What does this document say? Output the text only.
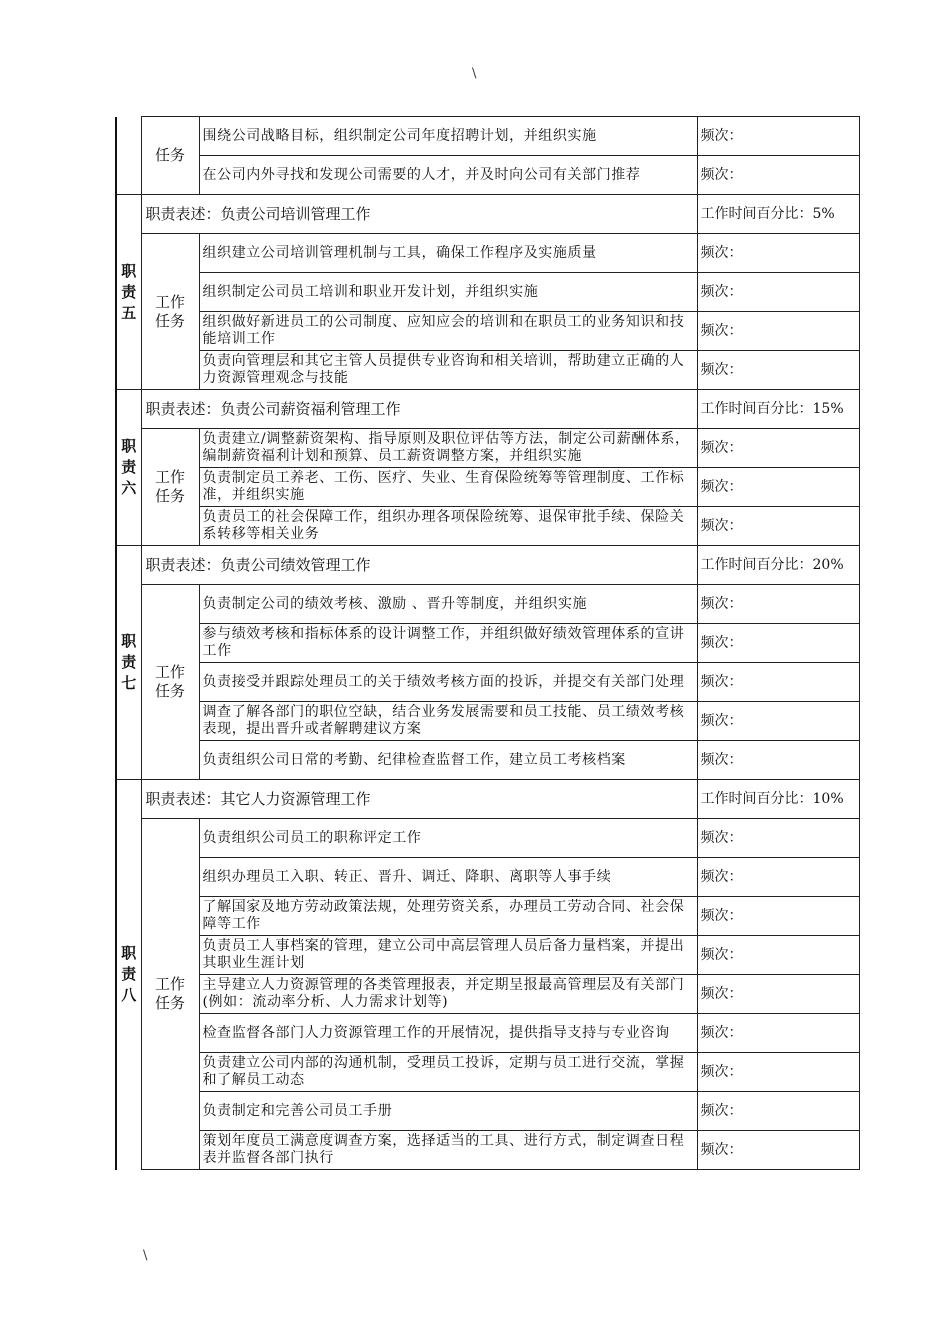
\
	任务	围绕公司战略目标，组织制定公司年度招聘计划，并组织实施	频次：
		在公司内外寻找和发现公司需要的人才，并及时向公司有关部门推荐	频次：
职责五	职责表述：负责公司培训管理工作		工作时间百分比：5%
	工作任务	组织建立公司培训管理机制与工具，确保工作程序及实施质量	频次：
		组织制定公司员工培训和职业开发计划，并组织实施	频次：
		组织做好新进员工的公司制度、应知应会的培训和在职员工的业务知识和技能培训工作	频次：
		负责向管理层和其它主管人员提供专业咨询和相关培训，帮助建立正确的人力资源管理观念与技能	频次：
职责六	职责表述：负责公司薪资福利管理工作		工作时间百分比：15%
	工作任务	负责建立/调整薪资架构、指导原则及职位评估等方法，制定公司薪酬体系，编制薪资福利计划和预算、员工薪资调整方案，并组织实施	频次：
		负责制定员工养老、工伤、医疗、失业、生育保险统筹等管理制度、工作标准，并组织实施	频次：
		负责员工的社会保障工作，组织办理各项保险统筹、退保审批手续、保险关系转移等相关业务	频次：
职责七	职责表述：负责公司绩效管理工作		工作时间百分比：20%
	工作任务	负责制定公司的绩效考核、激励 、晋升等制度，并组织实施	频次：
		参与绩效考核和指标体系的设计调整工作，并组织做好绩效管理体系的宣讲工作	频次：
		负责接受并跟踪处理员工的关于绩效考核方面的投诉，并提交有关部门处理	频次：
		调查了解各部门的职位空缺，结合业务发展需要和员工技能、员工绩效考核表现，提出晋升或者解聘建议方案	频次：
		负责组织公司日常的考勤、纪律检查监督工作，建立员工考核档案	频次：
职责八	职责表述：其它人力资源管理工作		工作时间百分比：10%
	工作任务	负责组织公司员工的职称评定工作	频次：
		组织办理员工入职、转正、晋升、调迁、降职、离职等人事手续	频次：
		了解国家及地方劳动政策法规，处理劳资关系，办理员工劳动合同、社会保障等工作	频次：
		负责员工人事档案的管理，建立公司中高层管理人员后备力量档案，并提出其职业生涯计划	频次：
		主导建立人力资源管理的各类管理报表，并定期呈报最高管理层及有关部门(例如：流动率分析、人力需求计划等)	频次：
		检查监督各部门人力资源管理工作的开展情况，提供指导支持与专业咨询	频次：
		负责建立公司内部的沟通机制，受理员工投诉，定期与员工进行交流，掌握和了解员工动态	频次：
		负责制定和完善公司员工手册	频次：
		策划年度员工满意度调查方案，选择适当的工具、进行方式，制定调查日程表并监督各部门执行	频次：
\
